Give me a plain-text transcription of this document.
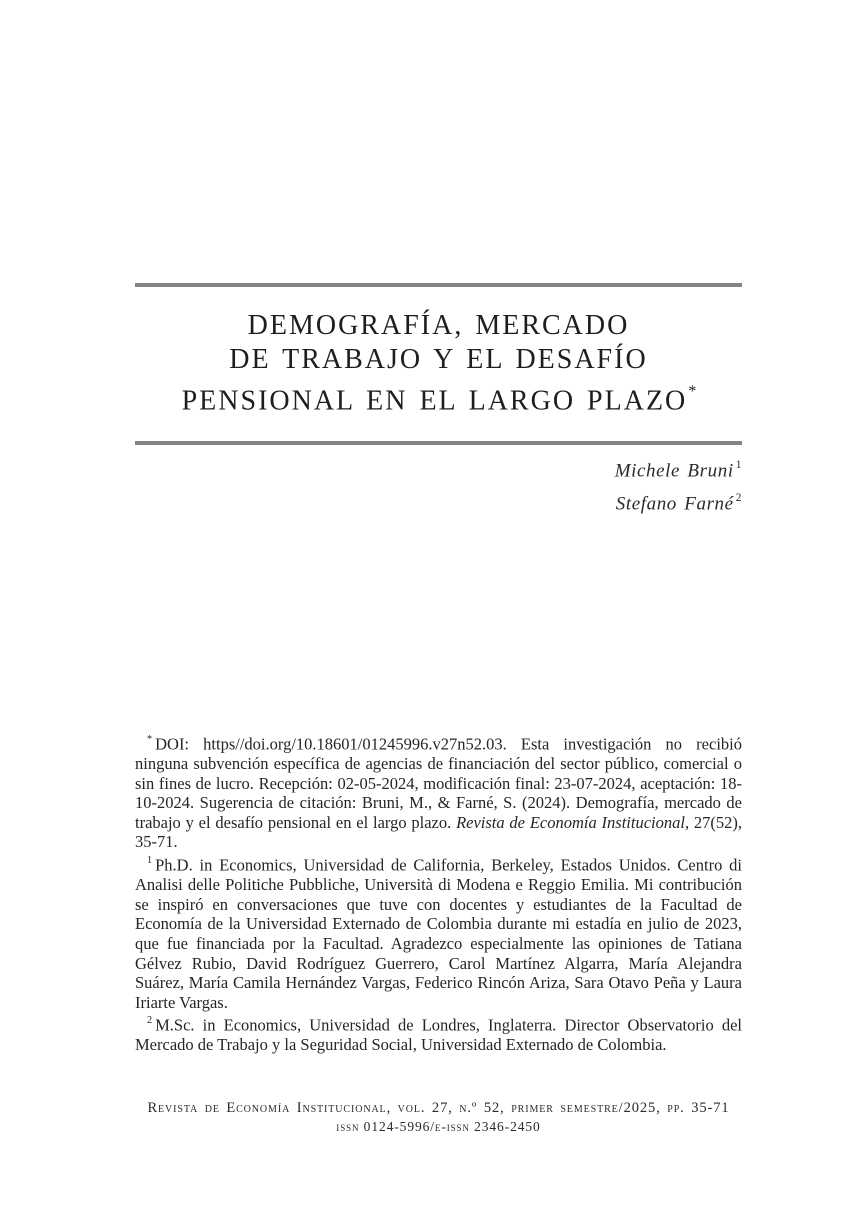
DEMOGRAFÍA, MERCADO
DE TRABAJO Y EL DESAFÍO
PENSIONAL EN EL LARGO PLAZO*
Michele Bruni $^1$
Stefano Farné $^2$

* DOI: https//doi.org/10.18601/01245996.v27n52.03. Esta investigación no recibió ninguna subvención específica de agencias de financiación del sector público, comercial o sin fines de lucro. Recepción: 02-05-2024, modificación final: 23-07-2024, aceptación: 18-10-2024. Sugerencia de citación: Bruni, M., & Farné, S. (2024). Demografía, mercado de trabajo y el desafío pensional en el largo plazo. Revista de Economía Institucional, 27(52), 35-71.

$^1$ Ph.D. in Economics, Universidad de California, Berkeley, Estados Unidos. Centro di Analisi delle Politiche Pubbliche, Università di Modena e Reggio Emilia. Mi contribución se inspiró en conversaciones que tuve con docentes y estudiantes de la Facultad de Economía de la Universidad Externado de Colombia durante mi estadía en julio de 2023, que fue financiada por la Facultad. Agradezco especialmente las opiniones de Tatiana Gélvez Rubio, David Rodríguez Guerrero, Carol Martínez Algarra, María Alejandra Suárez, María Camila Hernández Vargas, Federico Rincón Ariza, Sara Otavo Peña y Laura Iriarte Vargas.

$^2$ M.Sc. in Economics, Universidad de Londres, Inglaterra. Director Observatorio del Mercado de Trabajo y la Seguridad Social, Universidad Externado de Colombia.

Revista de Economía Institucional, vol. 27, n.º 52, primer semestre/2025, pp. 35-71
issn 0124-5996/e-issn 2346-2450
